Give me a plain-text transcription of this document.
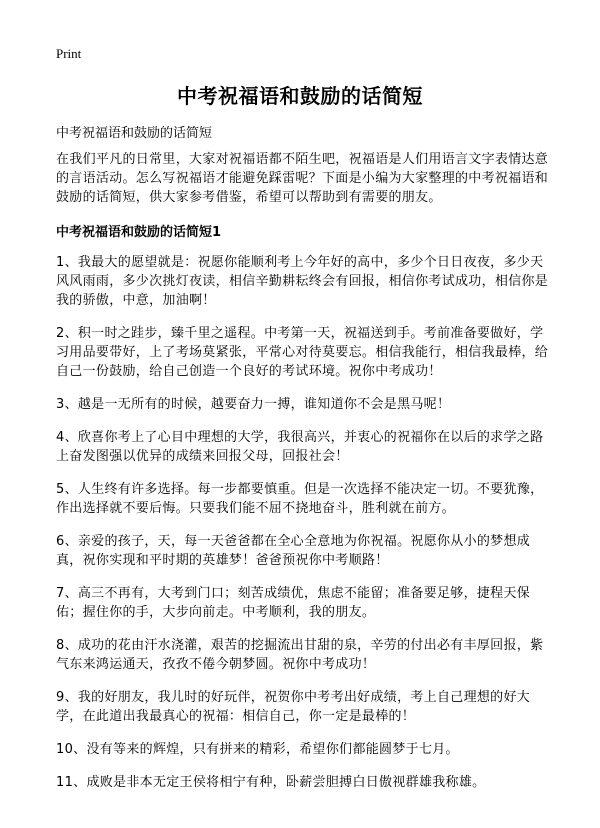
Print
中考祝福语和鼓励的话简短
中考祝福语和鼓励的话简短

在我们平凡的日常里，大家对祝福语都不陌生吧，祝福语是人们用语言文字表情达意的言语活动。怎么写祝福语才能避免踩雷呢？下面是小编为大家整理的中考祝福语和鼓励的话简短，供大家参考借鉴，希望可以帮助到有需要的朋友。

中考祝福语和鼓励的话简短1

1、我最大的愿望就是：祝愿你能顺利考上今年好的高中，多少个日日夜夜，多少天风风雨雨，多少次挑灯夜读，相信辛勤耕耘终会有回报，相信你考试成功，相信你是我的骄傲，中意，加油啊！

2、积一时之跬步，臻千里之遥程。中考第一天，祝福送到手。考前准备要做好，学习用品要带好，上了考场莫紧张，平常心对待莫要忘。相信我能行，相信我最棒，给自己一份鼓励，给自己创造一个良好的考试环境。祝你中考成功！

3、越是一无所有的时候，越要奋力一搏，谁知道你不会是黑马呢！

4、欣喜你考上了心目中理想的大学，我很高兴，并衷心的祝福你在以后的求学之路上奋发图强以优异的成绩来回报父母，回报社会！

5、人生终有许多选择。每一步都要慎重。但是一次选择不能决定一切。不要犹豫，作出选择就不要后悔。只要我们能不屈不挠地奋斗，胜利就在前方。

6、亲爱的孩子，天，每一天爸爸都在全心全意地为你祝福。祝愿你从小的梦想成真，祝你实现和平时期的英雄梦！爸爸预祝你中考顺路！

7、高三不再有，大考到门口；刻苦成绩优，焦虑不能留；准备要足够，捷程天保佑；握住你的手，大步向前走。中考顺利，我的朋友。

8、成功的花由汗水浇灌，艰苦的挖掘流出甘甜的泉，辛劳的付出必有丰厚回报，紫气东来鸿运通天，孜孜不倦今朝梦圆。祝你中考成功！

9、我的好朋友，我儿时的好玩伴，祝贺你中考考出好成绩，考上自己理想的好大学，在此道出我最真心的祝福：相信自己，你一定是最棒的！

10、没有等来的辉煌，只有拼来的精彩，希望你们都能圆梦于七月。

11、成败是非本无定王侯将相宁有种，卧薪尝胆搏白日傲视群雄我称雄。
